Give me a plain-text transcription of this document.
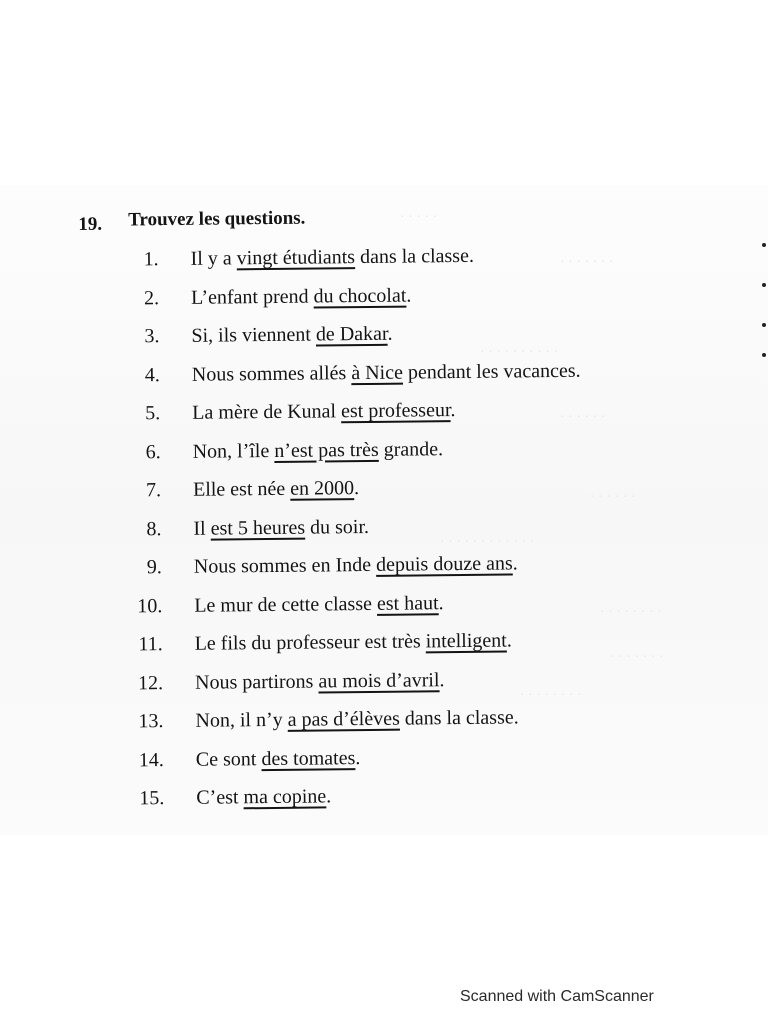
· · · · ·
· · · · · · ·
· · · · · · · · · ·
· · · · · ·
· · · · · ·
· · · · · · · · · · · ·
· · · · · · · ·
· · · · · · ·
· · · · · · · ·
19. Trouvez les questions.
1. Il y a vingt étudiants dans la classe.
2. L’enfant prend du chocolat.
3. Si, ils viennent de Dakar.
4. Nous sommes allés à Nice pendant les vacances.
5. La mère de Kunal est professeur.
6. Non, l’île n’est pas très grande.
7. Elle est née en 2000.
8. Il est 5 heures du soir.
9. Nous sommes en Inde depuis douze ans.
10. Le mur de cette classe est haut.
11. Le fils du professeur est très intelligent.
12. Nous partirons au mois d’avril.
13. Non, il n’y a pas d’élèves dans la classe.
14. Ce sont des tomates.
15. C’est ma copine.
Scanned with CamScanner
